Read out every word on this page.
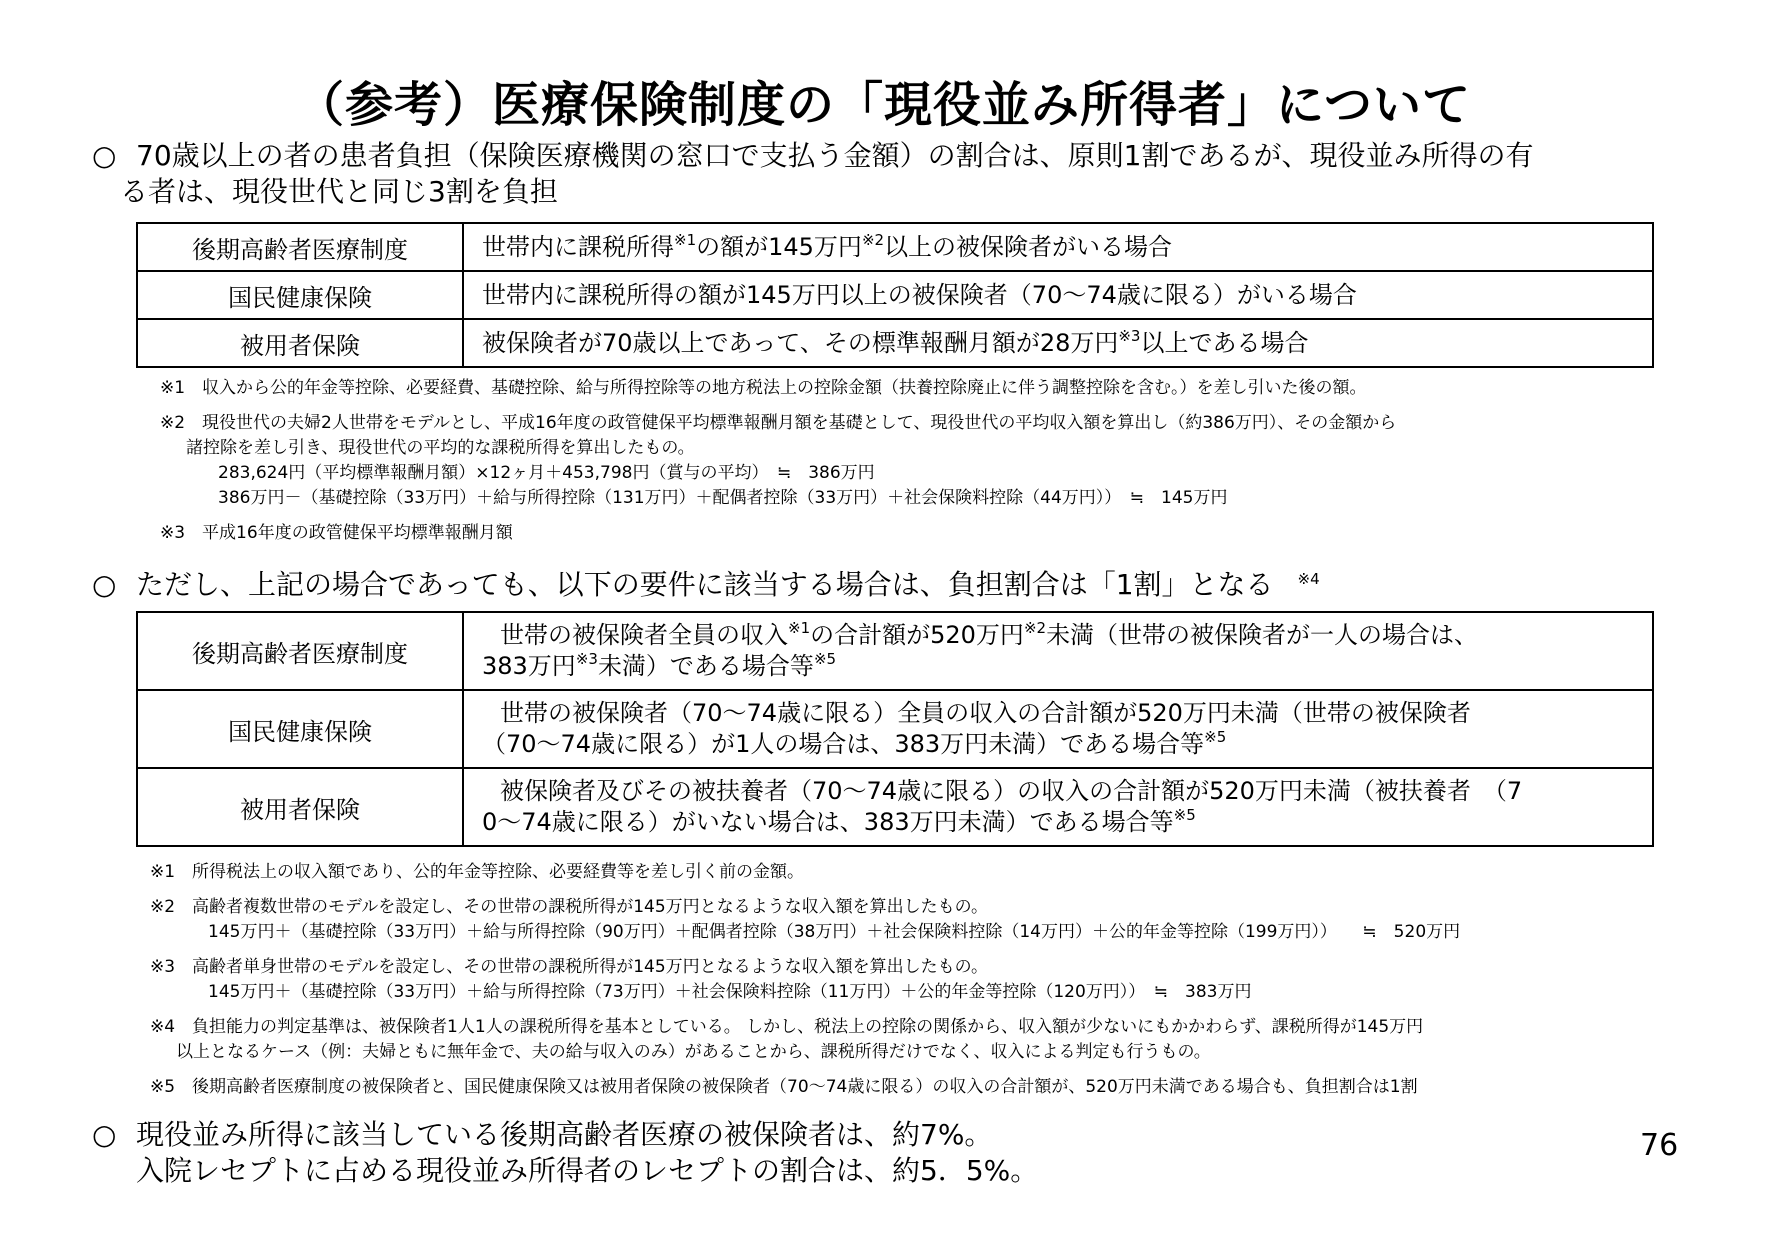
（参考）医療保険制度の「現役並み所得者」について
○ 70歳以上の者の患者負担（保険医療機関の窓口で支払う金額）の割合は、原則1割であるが、現役並み所得の有
る者は、現役世代と同じ3割を負担
後期高齢者医療制度	世帯内に課税所得$^{※1}$の額が145万円$^{※2}$以上の被保険者がいる場合
国民健康保険	世帯内に課税所得の額が145万円以上の被保険者（70～74歳に限る）がいる場合
被用者保険	被保険者が70歳以上であって、その標準報酬月額が28万円$^{※3}$以上である場合
※1　収入から公的年金等控除、必要経費、基礎控除、給与所得控除等の地方税法上の控除金額（扶養控除廃止に伴う調整控除を含む。）を差し引いた後の額。
※2　現役世代の夫婦2人世帯をモデルとし、平成16年度の政管健保平均標準報酬月額を基礎として、現役世代の平均収入額を算出し（約386万円）、その金額から
諸控除を差し引き、現役世代の平均的な課税所得を算出したもの。
283,624円（平均標準報酬月額）×12ヶ月＋453,798円（賞与の平均）　≒　386万円
386万円－（基礎控除（33万円）＋給与所得控除（131万円）＋配偶者控除（33万円）＋社会保険料控除（44万円））　≒　145万円
※3　平成16年度の政管健保平均標準報酬月額
○ ただし、上記の場合であっても、以下の要件に該当する場合は、負担割合は「1割」となる $^{※4}$
後期高齢者医療制度	世帯の被保険者全員の収入$^{※1}$の合計額が520万円$^{※2}$未満（世帯の被保険者が一人の場合は、
383万円$^{※3}$未満）である場合等$^{※5}$

国民健康保険	世帯の被保険者（70～74歳に限る）全員の収入の合計額が520万円未満（世帯の被保険者
（70～74歳に限る）が1人の場合は、383万円未満）である場合等$^{※5}$

被用者保険	被保険者及びその被扶養者（70～74歳に限る）の収入の合計額が520万円未満（被扶養者　（7
0～74歳に限る）がいない場合は、383万円未満）である場合等$^{※5}$
※1　所得税法上の収入額であり、公的年金等控除、必要経費等を差し引く前の金額。
※2　高齢者複数世帯のモデルを設定し、その世帯の課税所得が145万円となるような収入額を算出したもの。
145万円＋（基礎控除（33万円）＋給与所得控除（90万円）＋配偶者控除（38万円）＋社会保険料控除（14万円）＋公的年金等控除（199万円））　　≒　520万円
※3　高齢者単身世帯のモデルを設定し、その世帯の課税所得が145万円となるような収入額を算出したもの。
145万円＋（基礎控除（33万円）＋給与所得控除（73万円）＋社会保険料控除（11万円）＋公的年金等控除（120万円））　≒　383万円
※4　負担能力の判定基準は、被保険者1人1人の課税所得を基本としている。 しかし、税法上の控除の関係から、収入額が少ないにもかかわらず、課税所得が145万円
以上となるケース（例：夫婦ともに無年金で、夫の給与収入のみ）があることから、課税所得だけでなく、収入による判定も行うもの。
※5　後期高齢者医療制度の被保険者と、国民健康保険又は被用者保険の被保険者（70～74歳に限る）の収入の合計額が、520万円未満である場合も、負担割合は1割
○ 現役並み所得に該当している後期高齢者医療の被保険者は、約7%。
入院レセプトに占める現役並み所得者のレセプトの割合は、約5．5%。
76
